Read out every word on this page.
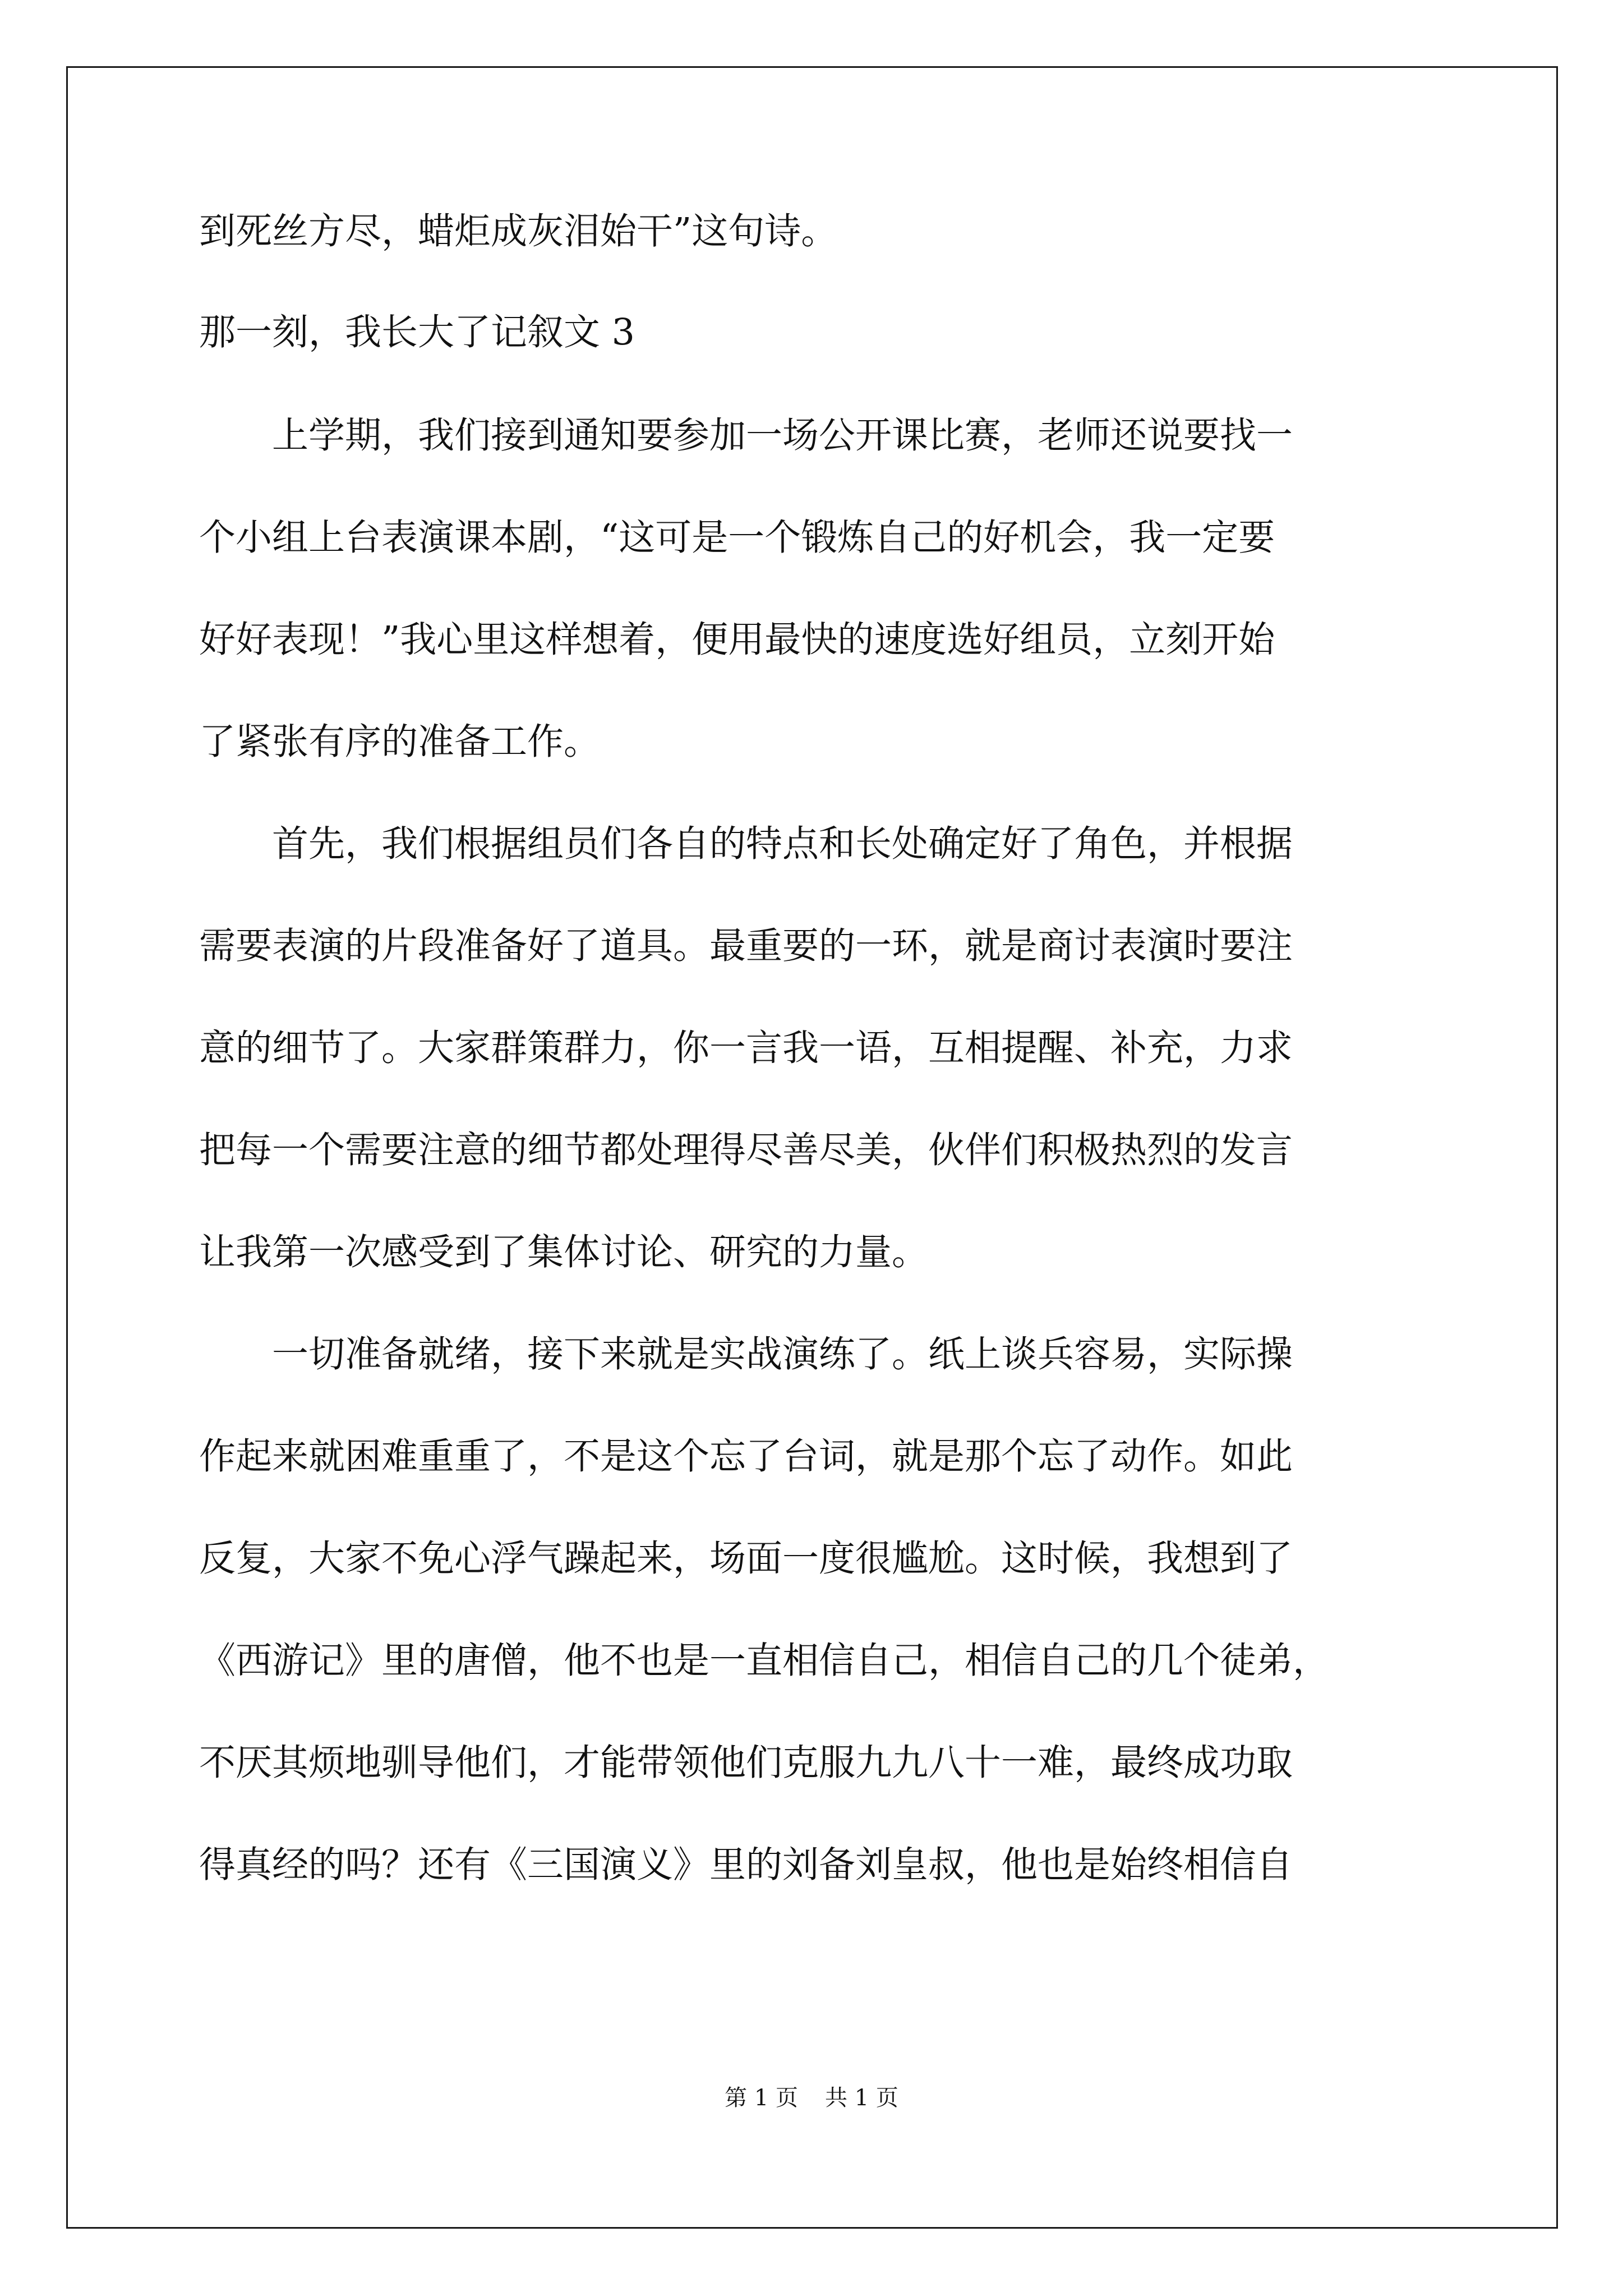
到死丝方尽，蜡炬成灰泪始干”这句诗。
那一刻，我长大了记叙文 3
上学期，我们接到通知要参加一场公开课比赛，老师还说要找一
个小组上台表演课本剧，“这可是一个锻炼自己的好机会，我一定要
好好表现！”我心里这样想着，便用最快的速度选好组员，立刻开始
了紧张有序的准备工作。
首先，我们根据组员们各自的特点和长处确定好了角色，并根据
需要表演的片段准备好了道具。最重要的一环，就是商讨表演时要注
意的细节了。大家群策群力，你一言我一语，互相提醒、补充，力求
把每一个需要注意的细节都处理得尽善尽美，伙伴们积极热烈的发言
让我第一次感受到了集体讨论、研究的力量。
一切准备就绪，接下来就是实战演练了。纸上谈兵容易，实际操
作起来就困难重重了，不是这个忘了台词，就是那个忘了动作。如此
反复，大家不免心浮气躁起来，场面一度很尴尬。这时候，我想到了
《西游记》里的唐僧，他不也是一直相信自己，相信自己的几个徒弟，
不厌其烦地驯导他们，才能带领他们克服九九八十一难，最终成功取
得真经的吗？还有《三国演义》里的刘备刘皇叔，他也是始终相信自
第 1 页 共 1 页
